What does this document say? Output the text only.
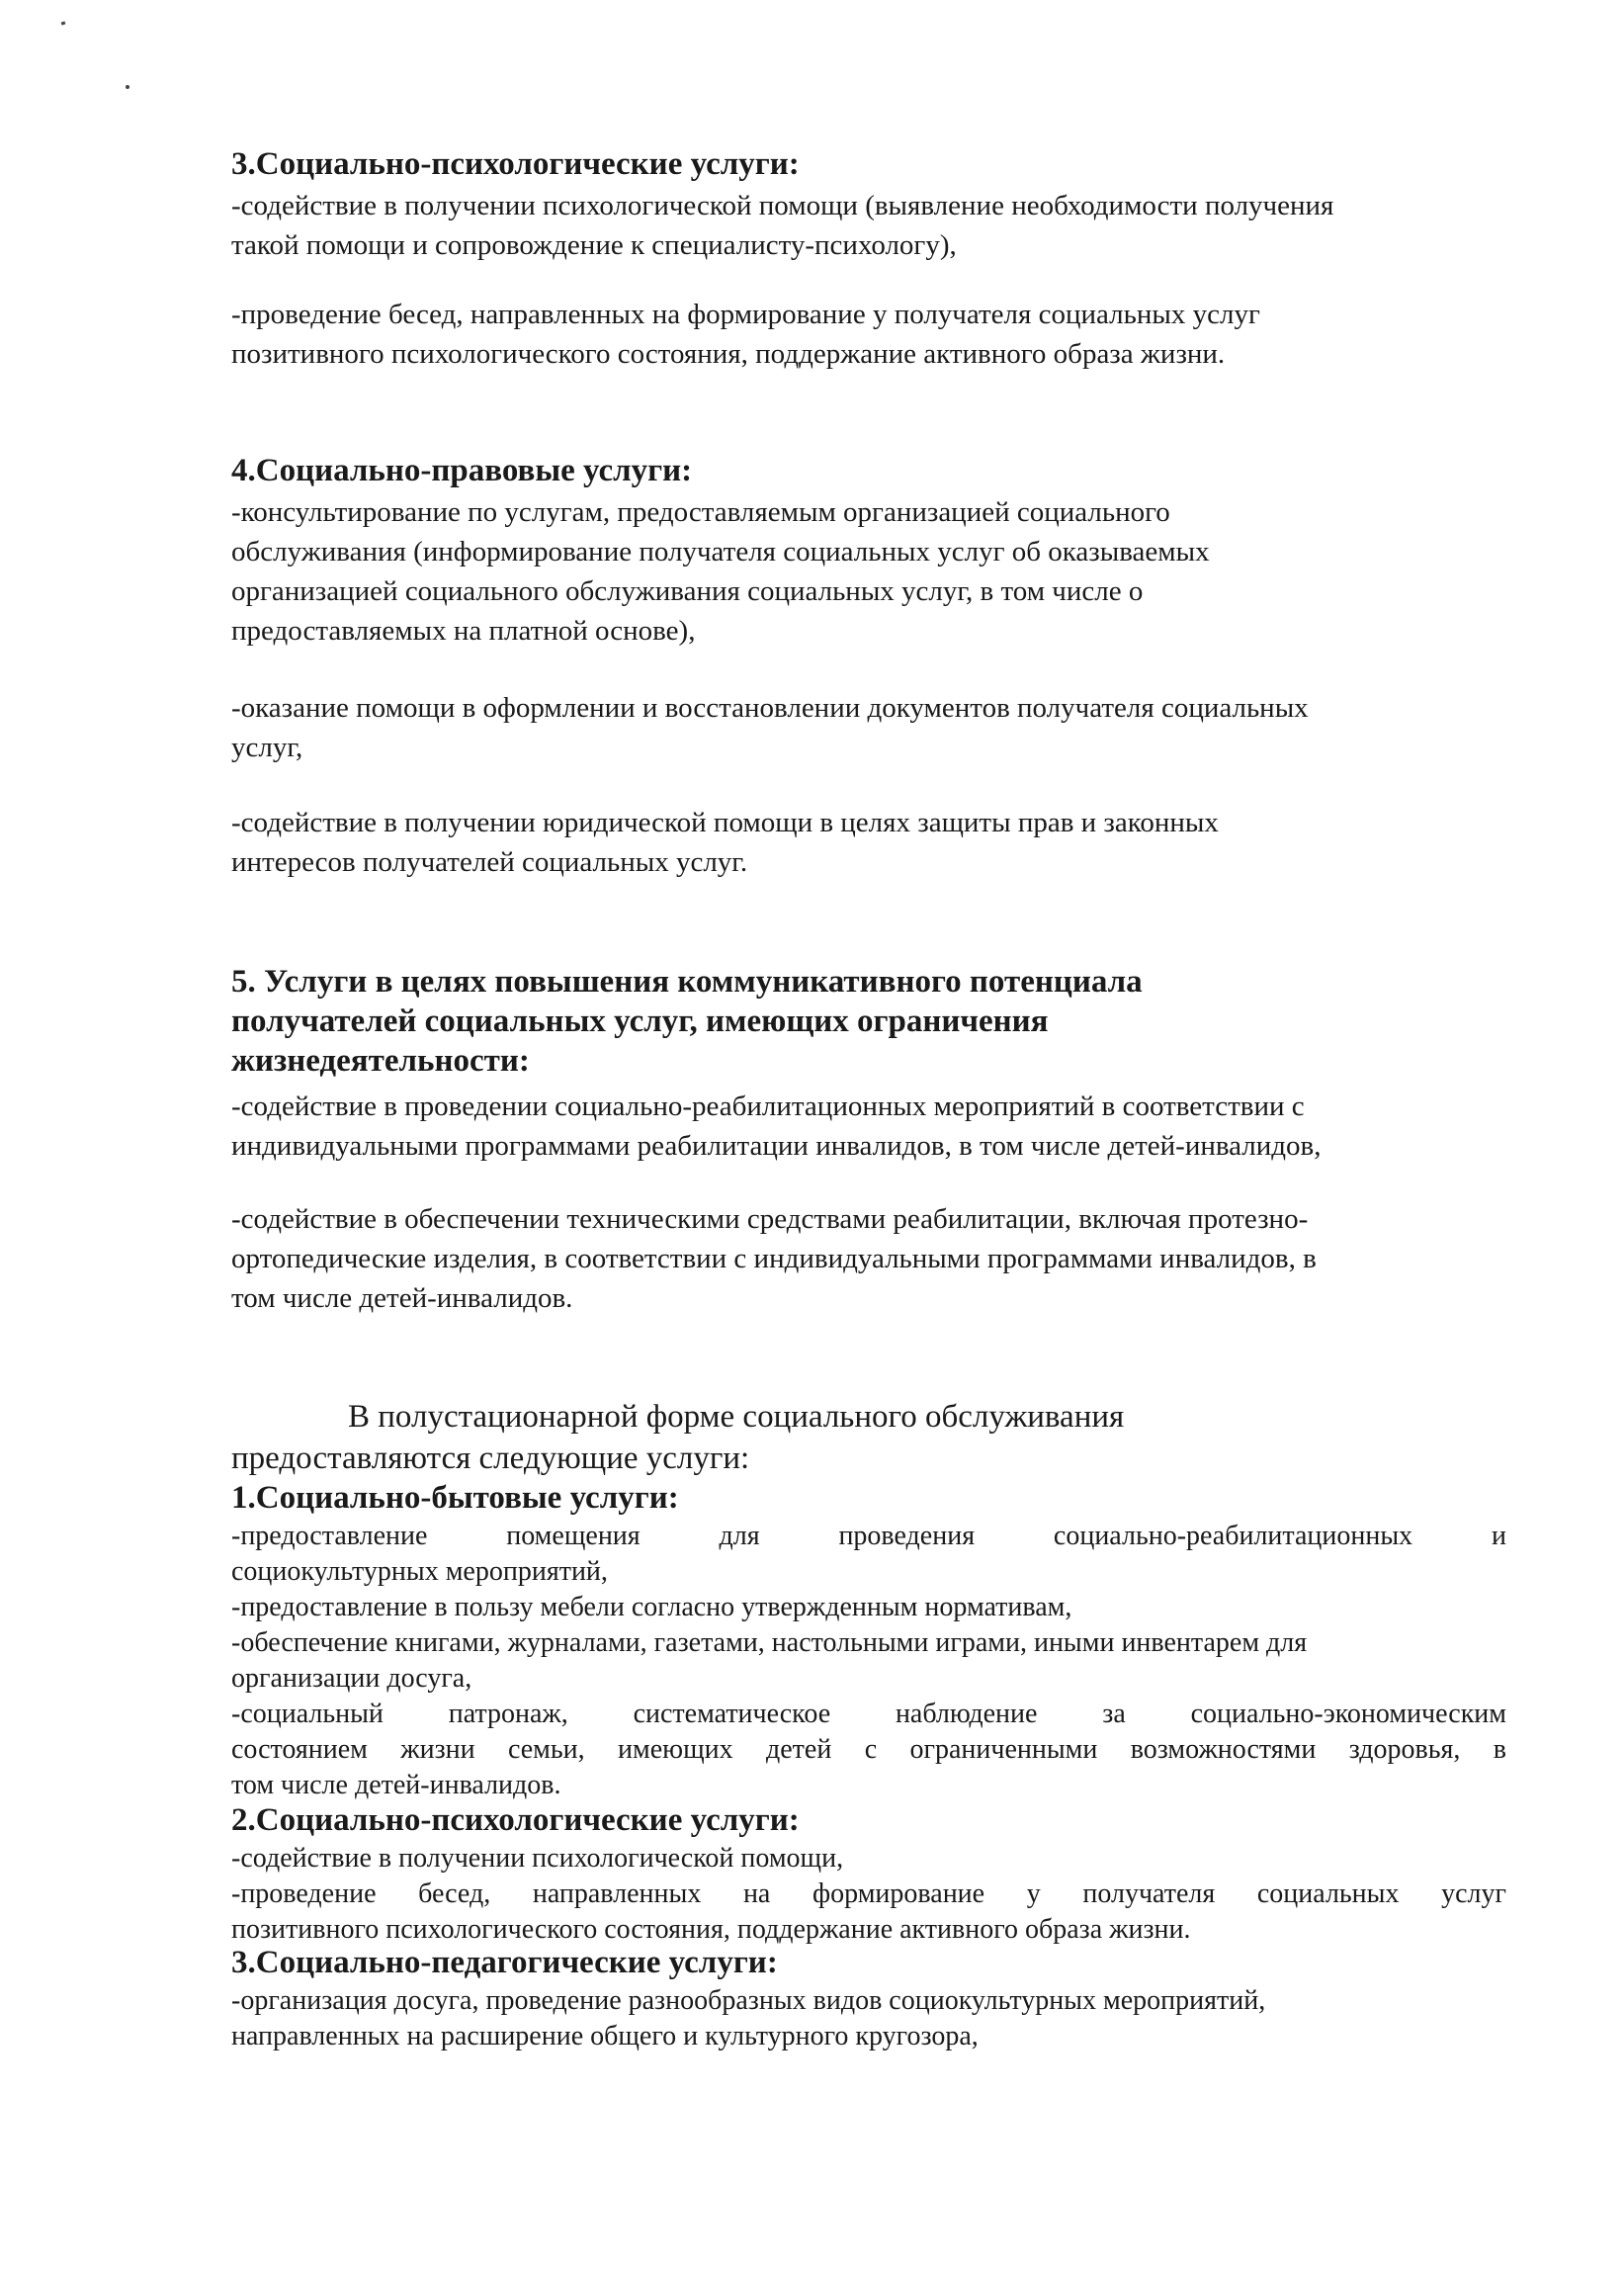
3.Социально-психологические услуги:
-содействие в получении психологической помощи (выявление необходимости получения
такой помощи и сопровождение к специалисту-психологу),
-проведение бесед, направленных на формирование у получателя социальных услуг
позитивного психологического состояния, поддержание активного образа жизни.
4.Социально-правовые услуги:
-консультирование по услугам, предоставляемым организацией социального
обслуживания (информирование получателя социальных услуг об оказываемых
организацией социального обслуживания социальных услуг, в том числе о
предоставляемых на платной основе),
-оказание помощи в оформлении и восстановлении документов получателя социальных
услуг,
-содействие в получении юридической помощи в целях защиты прав и законных
интересов получателей социальных услуг.
5. Услуги в целях повышения коммуникативного потенциала
получателей социальных услуг, имеющих ограничения
жизнедеятельности:
-содействие в проведении социально-реабилитационных мероприятий в соответствии с
индивидуальными программами реабилитации инвалидов, в том числе детей-инвалидов,
-содействие в обеспечении техническими средствами реабилитации, включая протезно-
ортопедические изделия, в соответствии с индивидуальными программами инвалидов, в
том числе детей-инвалидов.
В полустационарной форме социального обслуживания
предоставляются следующие услуги:
1.Социально-бытовые услуги:
-предоставление помещения для проведения социально-реабилитационных и
социокультурных мероприятий,
-предоставление в пользу мебели согласно утвержденным нормативам,
-обеспечение книгами, журналами, газетами, настольными играми, иными инвентарем для
организации досуга,
-социальный патронаж, систематическое наблюдение за социально-экономическим
состоянием жизни семьи, имеющих детей с ограниченными возможностями здоровья, в
том числе детей-инвалидов.
2.Социально-психологические услуги:
-содействие в получении психологической помощи,
-проведение бесед, направленных на формирование у получателя социальных услуг
позитивного психологического состояния, поддержание активного образа жизни.
3.Социально-педагогические услуги:
-организация досуга, проведение разнообразных видов социокультурных мероприятий,
направленных на расширение общего и культурного кругозора,
